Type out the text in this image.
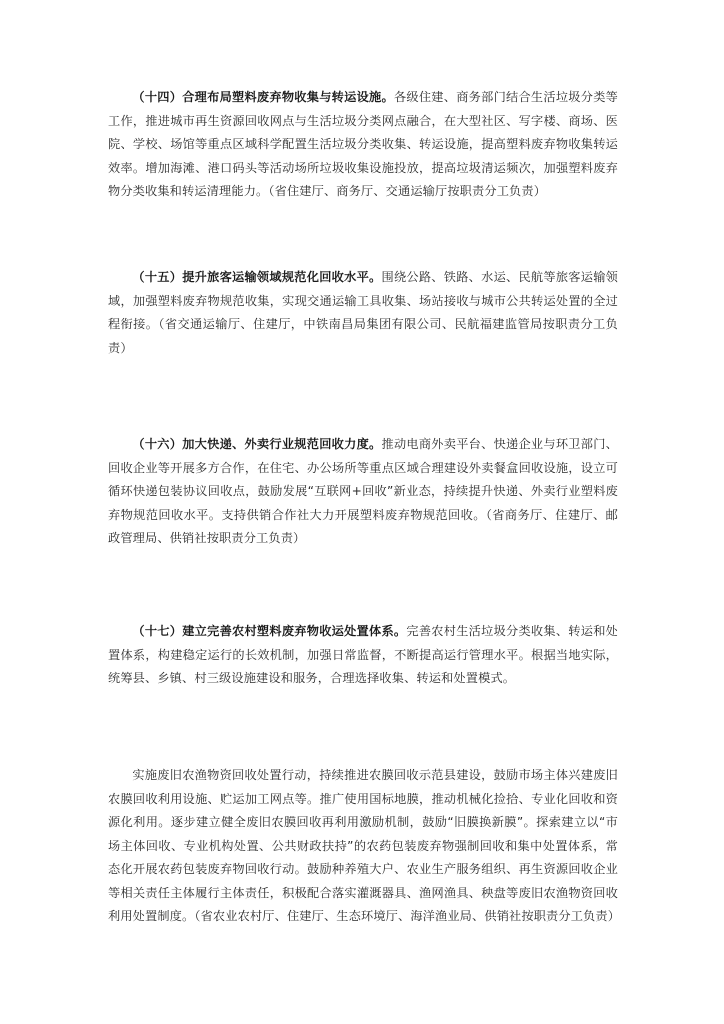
（十四）合理布局塑料废弃物收集与转运设施。各级住建、商务部门结合生活垃圾分类等工作，推进城市再生资源回收网点与生活垃圾分类网点融合，在大型社区、写字楼、商场、医院、学校、场馆等重点区域科学配置生活垃圾分类收集、转运设施，提高塑料废弃物收集转运效率。增加海滩、港口码头等活动场所垃圾收集设施投放，提高垃圾清运频次，加强塑料废弃物分类收集和转运清理能力。（省住建厅、商务厅、交通运输厅按职责分工负责）

（十五）提升旅客运输领域规范化回收水平。围绕公路、铁路、水运、民航等旅客运输领域，加强塑料废弃物规范收集，实现交通运输工具收集、场站接收与城市公共转运处置的全过程衔接。（省交通运输厅、住建厅，中铁南昌局集团有限公司、民航福建监管局按职责分工负责）

（十六）加大快递、外卖行业规范回收力度。推动电商外卖平台、快递企业与环卫部门、回收企业等开展多方合作，在住宅、办公场所等重点区域合理建设外卖餐盒回收设施，设立可循环快递包装协议回收点，鼓励发展“互联网+回收”新业态，持续提升快递、外卖行业塑料废弃物规范回收水平。支持供销合作社大力开展塑料废弃物规范回收。（省商务厅、住建厅、邮政管理局、供销社按职责分工负责）

（十七）建立完善农村塑料废弃物收运处置体系。完善农村生活垃圾分类收集、转运和处置体系，构建稳定运行的长效机制，加强日常监督，不断提高运行管理水平。根据当地实际，统筹县、乡镇、村三级设施建设和服务，合理选择收集、转运和处置模式。

实施废旧农渔物资回收处置行动，持续推进农膜回收示范县建设，鼓励市场主体兴建废旧农膜回收利用设施、贮运加工网点等。推广使用国标地膜，推动机械化捡拾、专业化回收和资源化利用。逐步建立健全废旧农膜回收再利用激励机制，鼓励“旧膜换新膜”。探索建立以“市场主体回收、专业机构处置、公共财政扶持”的农药包装废弃物强制回收和集中处置体系，常态化开展农药包装废弃物回收行动。鼓励种养殖大户、农业生产服务组织、再生资源回收企业等相关责任主体履行主体责任，积极配合落实灌溉器具、渔网渔具、秧盘等废旧农渔物资回收利用处置制度。（省农业农村厅、住建厅、生态环境厅、海洋渔业局、供销社按职责分工负责）
